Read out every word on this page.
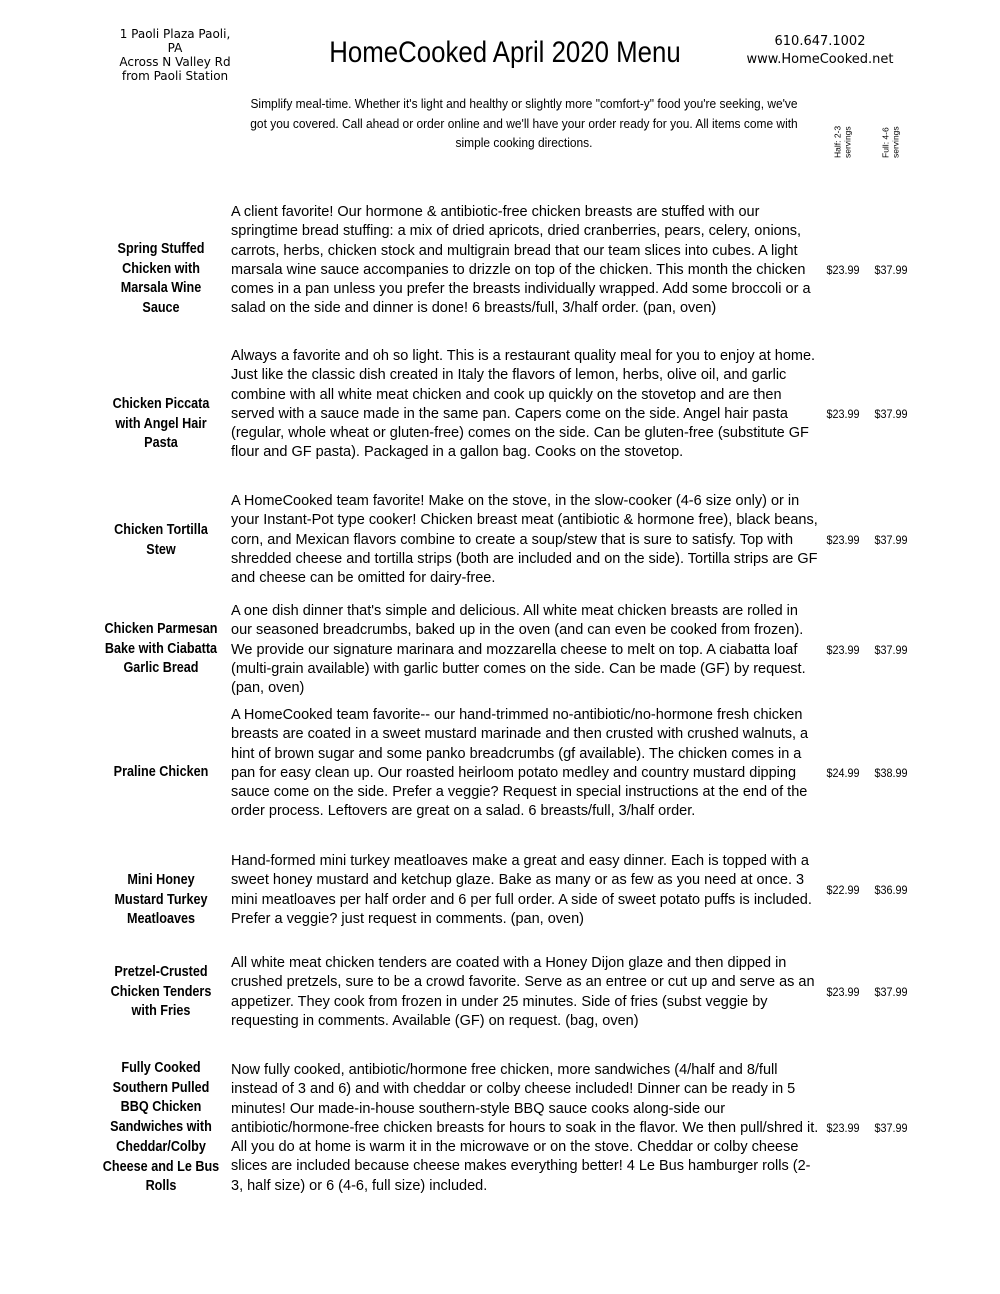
1 Paoli Plaza Paoli,
PA
Across N Valley Rd
from Paoli Station
HomeCooked April 2020 Menu	610.647.1002
www.HomeCooked.net
Simplify meal-time. Whether it's light and healthy or slightly more "comfort-y" food you're seeking, we've got you covered. Call ahead or order online and we'll have your order ready for you. All items come with simple cooking directions.	Half: 2-3 servings	Full: 4-6 servings
Spring Stuffed Chicken with Marsala Wine Sauce
A client favorite! Our hormone & antibiotic-free chicken breasts are stuffed with our springtime bread stuffing: a mix of dried apricots, dried cranberries, pears, celery, onions, carrots, herbs, chicken stock and multigrain bread that our team slices into cubes. A light marsala wine sauce accompanies to drizzle on top of the chicken. This month the chicken comes in a pan unless you prefer the breasts individually wrapped. Add some broccoli or a salad on the side and dinner is done! 6 breasts/full, 3/half order. (pan, oven)
$23.99	$37.99
Chicken Piccata with Angel Hair Pasta
Always a favorite and oh so light. This is a restaurant quality meal for you to enjoy at home. Just like the classic dish created in Italy the flavors of lemon, herbs, olive oil, and garlic combine with all white meat chicken and cook up quickly on the stovetop and are then served with a sauce made in the same pan. Capers come on the side. Angel hair pasta (regular, whole wheat or gluten-free) comes on the side. Can be gluten-free (substitute GF flour and GF pasta). Packaged in a gallon bag. Cooks on the stovetop.
$23.99	$37.99
Chicken Tortilla Stew
A HomeCooked team favorite! Make on the stove, in the slow-cooker (4-6 size only) or in your Instant-Pot type cooker! Chicken breast meat (antibiotic & hormone free), black beans, corn, and Mexican flavors combine to create a soup/stew that is sure to satisfy. Top with shredded cheese and tortilla strips (both are included and on the side). Tortilla strips are GF and cheese can be omitted for dairy-free.
$23.99	$37.99
Chicken Parmesan Bake with Ciabatta Garlic Bread
A one dish dinner that's simple and delicious. All white meat chicken breasts are rolled in our seasoned breadcrumbs, baked up in the oven (and can even be cooked from frozen). We provide our signature marinara and mozzarella cheese to melt on top. A ciabatta loaf (multi-grain available) with garlic butter comes on the side. Can be made (GF) by request. (pan, oven)
$23.99	$37.99
Praline Chicken
A HomeCooked team favorite-- our hand-trimmed no-antibiotic/no-hormone fresh chicken breasts are coated in a sweet mustard marinade and then crusted with crushed walnuts, a hint of brown sugar and some panko breadcrumbs (gf available). The chicken comes in a pan for easy clean up. Our roasted heirloom potato medley and country mustard dipping sauce come on the side. Prefer a veggie? Request in special instructions at the end of the order process. Leftovers are great on a salad. 6 breasts/full, 3/half order.
$24.99	$38.99
Mini Honey Mustard Turkey Meatloaves
Hand-formed mini turkey meatloaves make a great and easy dinner. Each is topped with a sweet honey mustard and ketchup glaze. Bake as many or as few as you need at once. 3 mini meatloaves per half order and 6 per full order. A side of sweet potato puffs is included. Prefer a veggie? just request in comments. (pan, oven)
$22.99	$36.99
Pretzel-Crusted Chicken Tenders with Fries
All white meat chicken tenders are coated with a Honey Dijon glaze and then dipped in crushed pretzels, sure to be a crowd favorite. Serve as an entree or cut up and serve as an appetizer. They cook from frozen in under 25 minutes. Side of fries (subst veggie by requesting in comments. Available (GF) on request. (bag, oven)
$23.99	$37.99
Fully Cooked Southern Pulled BBQ Chicken Sandwiches with Cheddar/Colby Cheese and Le Bus Rolls
Now fully cooked, antibiotic/hormone free chicken, more sandwiches (4/half and 8/full instead of 3 and 6) and with cheddar or colby cheese included! Dinner can be ready in 5 minutes! Our made-in-house southern-style BBQ sauce cooks along-side our antibiotic/hormone-free chicken breasts for hours to soak in the flavor. We then pull/shred it. All you do at home is warm it in the microwave or on the stove. Cheddar or colby cheese slices are included because cheese makes everything better! 4 Le Bus hamburger rolls (2-3, half size) or 6 (4-6, full size) included.
$23.99	$37.99
